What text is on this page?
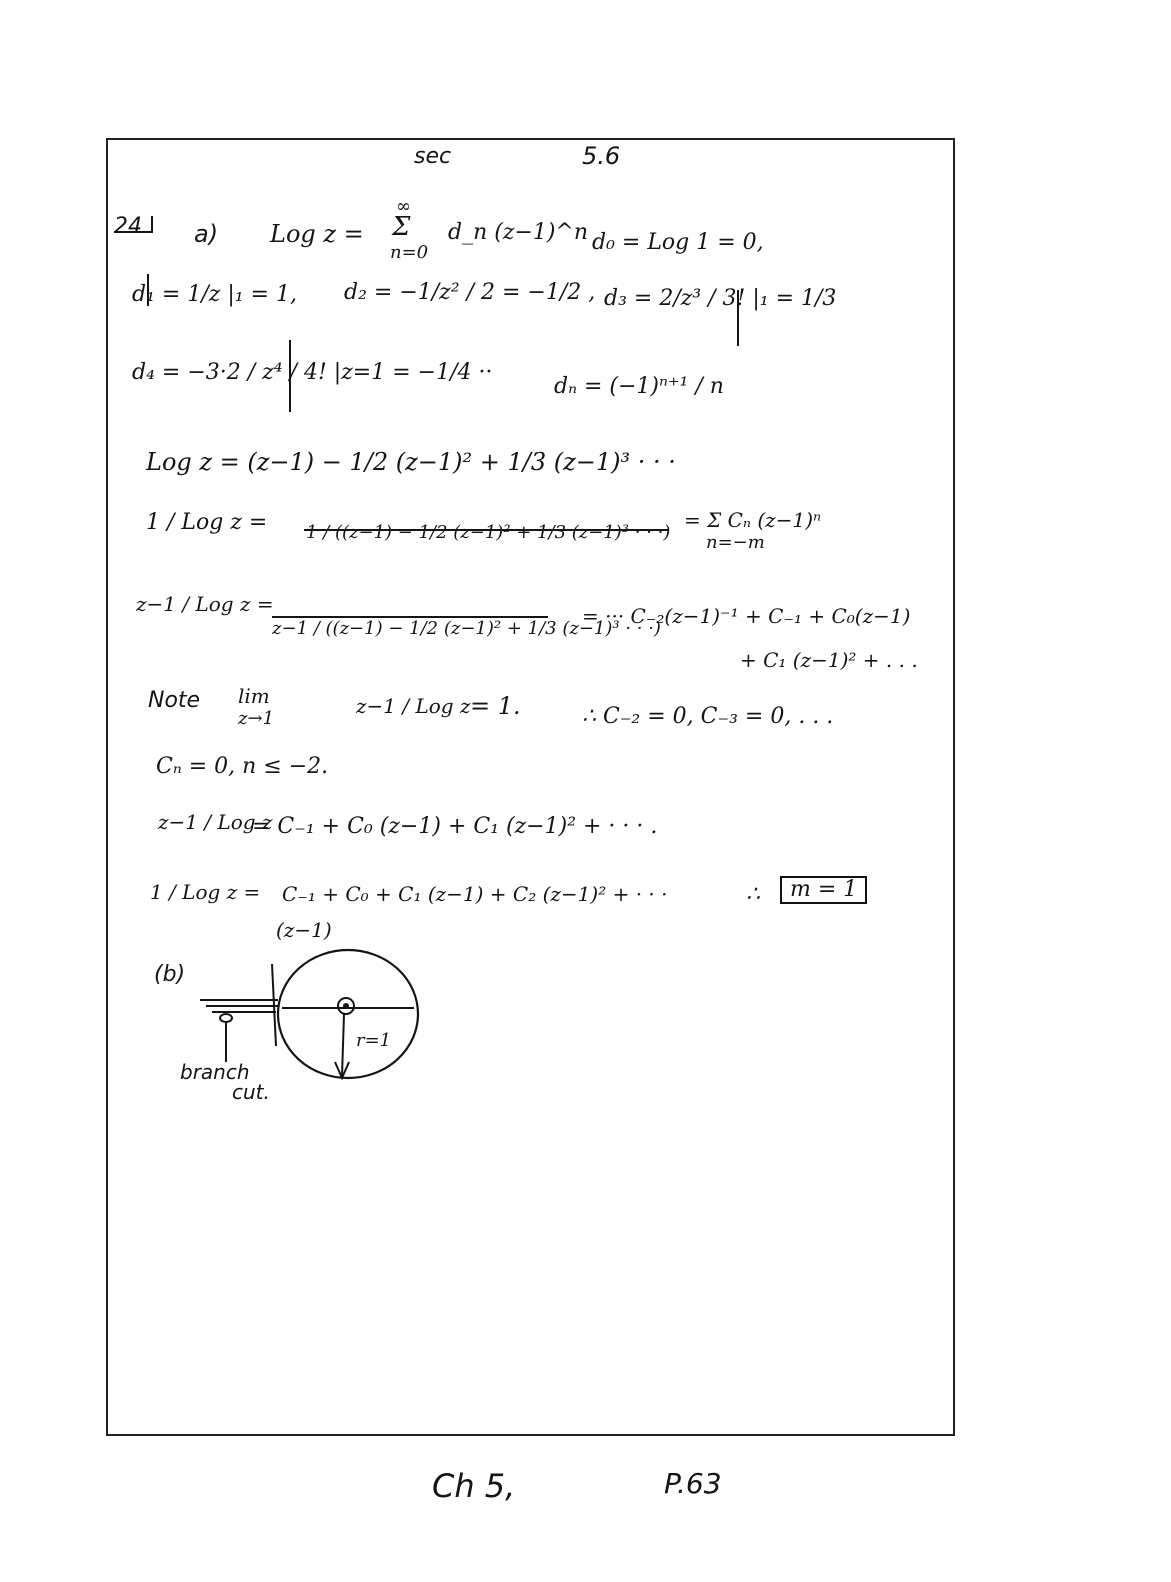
sec	5.6
24 a) Log z =
∞
Σ
n=0
d_n (z−1)^n d₀ = Log 1 = 0,
d₁ = 1/z |₁ = 1, d₂ = −1/z² / 2 = −1/2 , d₃ = 2/z³ / 3! |₁ = 1/3
d₄ = −3·2 / z⁴ / 4! |z=1 = −1/4 ··
dₙ = (−1)ⁿ⁺¹ / n
Log z = (z−1) − 1/2 (z−1)² + 1/3 (z−1)³ · · ·
1 / Log z = 1 / ((z−1) − 1/2 (z−1)² + 1/3 (z−1)³ · · ·)
= Σ Cₙ (z−1)ⁿ
n=−m
z−1 / Log z =
z−1 / ((z−1) − 1/2 (z−1)² + 1/3 (z−1)³ · · ·)
= ··· C₋₂(z−1)⁻¹ + C₋₁ + C₀(z−1)
+ C₁ (z−1)² + . . .
Note lim
z→1
z−1 / Log z = 1.	∴ C₋₂ = 0, C₋₃ = 0, . . .
Cₙ = 0, n ≤ −2.
z−1 / Log z
= C₋₁ + C₀ (z−1) + C₁ (z−1)² + · · · .
1 / Log z = C₋₁ + C₀ + C₁ (z−1) + C₂ (z−1)² + · · ·
(z−1)
∴	m = 1
(b)
r=1
branch
cut.
Ch 5,	P.63
